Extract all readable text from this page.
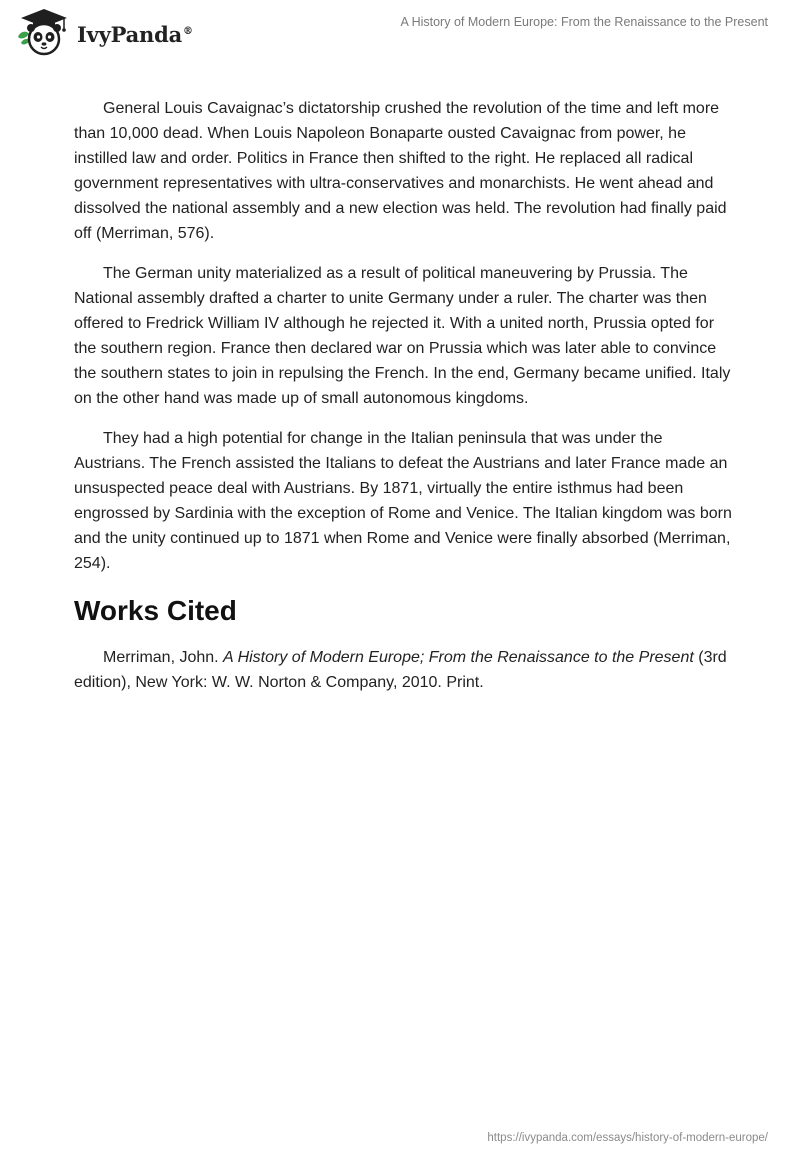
IvyPanda®
A History of Modern Europe: From the Renaissance to the Present

General Louis Cavaignac’s dictatorship crushed the revolution of the time and left more than 10,000 dead. When Louis Napoleon Bonaparte ousted Cavaignac from power, he instilled law and order. Politics in France then shifted to the right. He replaced all radical government representatives with ultra-conservatives and monarchists. He went ahead and dissolved the national assembly and a new election was held. The revolution had finally paid off (Merriman, 576).

The German unity materialized as a result of political maneuvering by Prussia. The National assembly drafted a charter to unite Germany under a ruler. The charter was then offered to Fredrick William IV although he rejected it. With a united north, Prussia opted for the southern region. France then declared war on Prussia which was later able to convince the southern states to join in repulsing the French. In the end, Germany became unified. Italy on the other hand was made up of small autonomous kingdoms.

They had a high potential for change in the Italian peninsula that was under the Austrians. The French assisted the Italians to defeat the Austrians and later France made an unsuspected peace deal with Austrians. By 1871, virtually the entire isthmus had been engrossed by Sardinia with the exception of Rome and Venice. The Italian kingdom was born and the unity continued up to 1871 when Rome and Venice were finally absorbed (Merriman, 254).

Works Cited

Merriman, John. A History of Modern Europe; From the Renaissance to the Present (3rd edition), New York: W. W. Norton & Company, 2010. Print.

https://ivypanda.com/essays/history-of-modern-europe/
